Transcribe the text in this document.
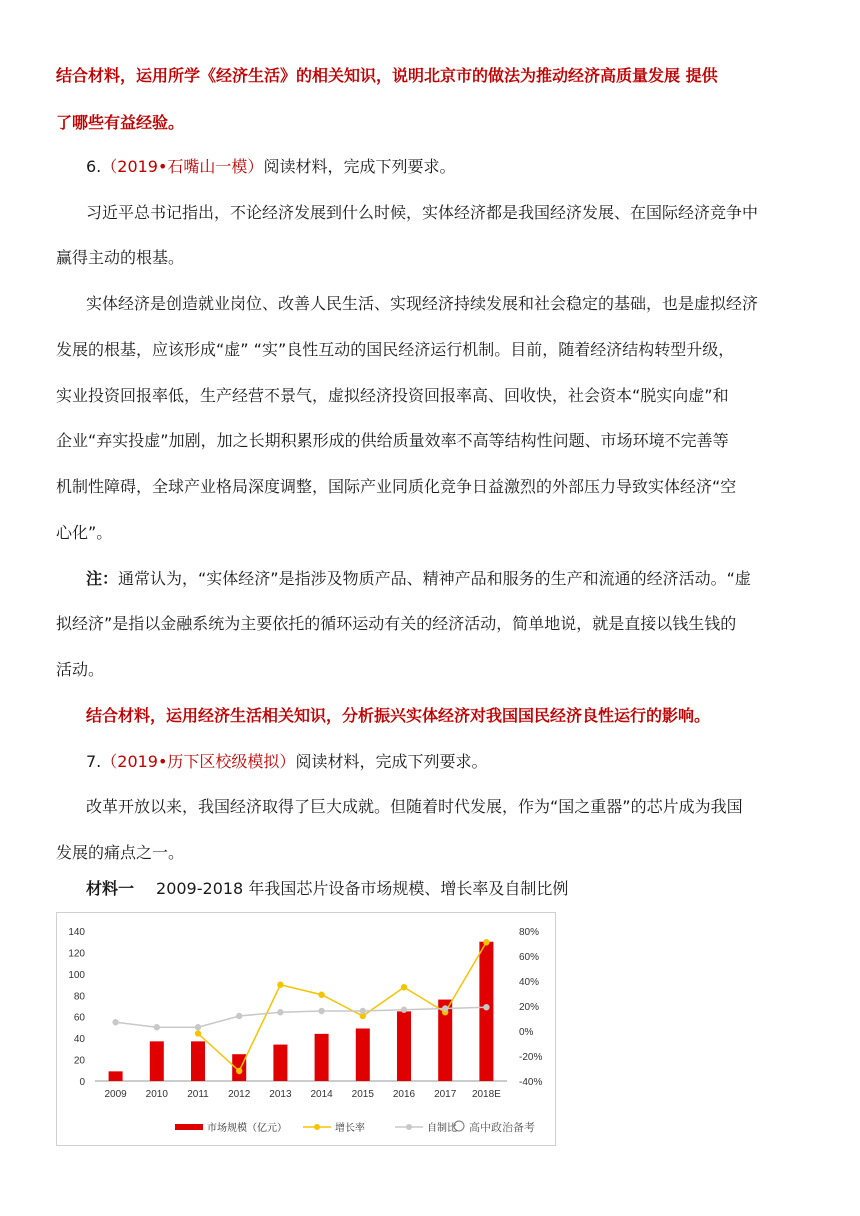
结合材料，运用所学《经济生活》的相关知识，说明北京市的做法为推动经济高质量发展 提供
了哪些有益经验。
6.（2019•石嘴山一模）阅读材料，完成下列要求。
习近平总书记指出，不论经济发展到什么时候，实体经济都是我国经济发展、在国际经济竞争中
赢得主动的根基。
实体经济是创造就业岗位、改善人民生活、实现经济持续发展和社会稳定的基础，也是虚拟经济
发展的根基，应该形成“虚” “实”良性互动的国民经济运行机制。目前，随着经济结构转型升级，
实业投资回报率低，生产经营不景气，虚拟经济投资回报率高、回收快，社会资本“脱实向虚”和
企业“弃实投虚”加剧，加之长期积累形成的供给质量效率不高等结构性问题、市场环境不完善等
机制性障碍，全球产业格局深度调整，国际产业同质化竞争日益激烈的外部压力导致实体经济“空
心化”。
注：通常认为，“实体经济”是指涉及物质产品、精神产品和服务的生产和流通的经济活动。“虚
拟经济”是指以金融系统为主要依托的循环运动有关的经济活动，简单地说，就是直接以钱生钱的
活动。
结合材料，运用经济生活相关知识，分析振兴实体经济对我国国民经济良性运行的影响。
7.（2019•历下区校级模拟）阅读材料，完成下列要求。
改革开放以来，我国经济取得了巨大成就。但随着时代发展，作为“国之重器”的芯片成为我国
发展的痛点之一。
材料一 2009-2018 年我国芯片设备市场规模、增长率及自制比例
0
20
40
60
80
100
120
140
-40%
-20%
0%
20%
40%
60%
80%
2009 2010 2011 2012 2013 2014 2015 2016 2017 2018E
市场规模（亿元）	增长率	自制比 高中政治备考
